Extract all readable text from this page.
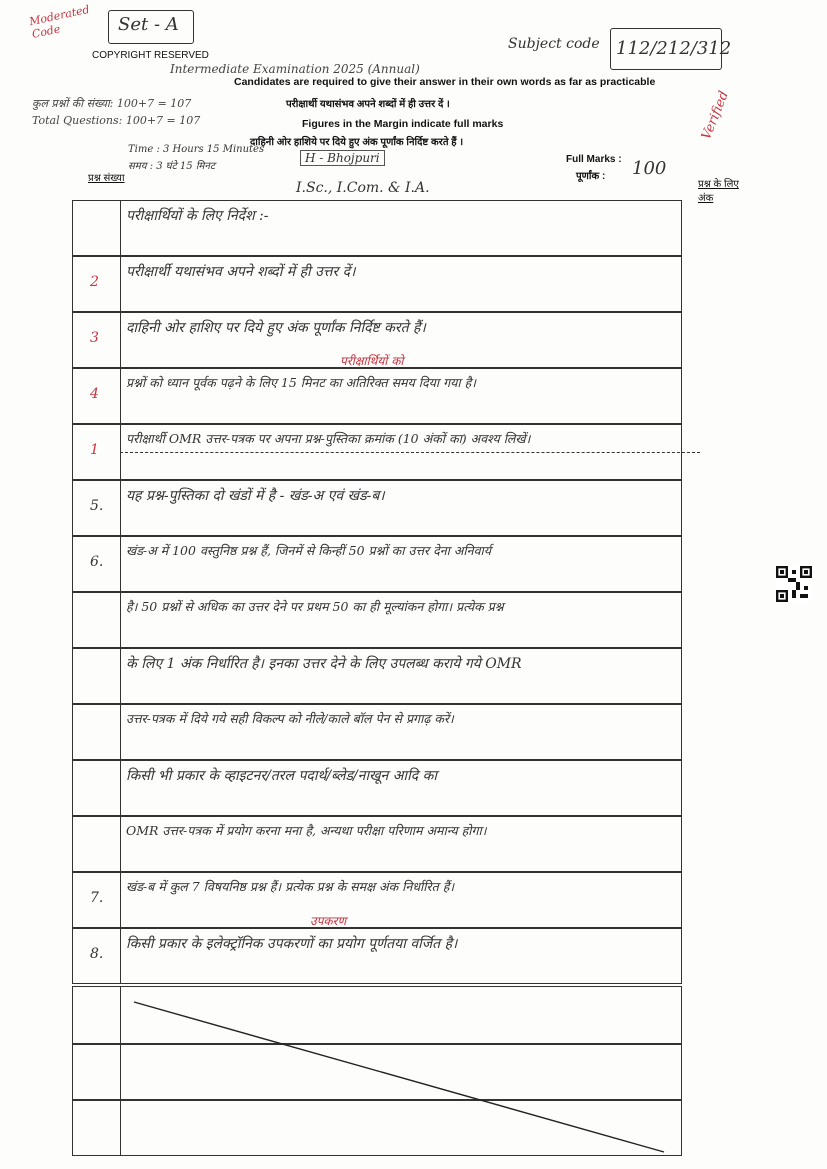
Moderated Code	Set - A
COPYRIGHT RESERVED
Subject code 112/212/312
Intermediate Examination 2025 (Annual)
कुल प्रश्नों की संख्या: 100+7 = 107
Total Questions: 100+7 = 107
Candidates are required to give their answer in their own words as far as practicable
परीक्षार्थी यथासंभव अपने शब्दों में ही उत्तर दें ।
Figures in the Margin indicate full marks
दाहिनी ओर हाशिये पर दिये हुए अंक पूर्णांक निर्दिष्ट करते हैं ।
Time : 3 Hours 15 Minutes
समय : 3 घंटे 15 मिनट
H - Bhojpuri	Full Marks :
पूर्णांक : 100
I.Sc., I.Com. & I.A.
प्रश्न संख्या
प्रश्न के लिए अंक
Verified
परीक्षार्थियों के लिए निर्देश :-
2
परीक्षार्थी यथासंभव अपने शब्दों में ही उत्तर दें।
3
दाहिनी ओर हाशिए पर दिये हुए अंक पूर्णांक निर्दिष्ट करते हैं।
4
प्रश्नों को ध्यान पूर्वक पढ़ने के लिए 15 मिनट का अतिरिक्त समय दिया गया है।
परीक्षार्थियों को
1
परीक्षार्थी OMR उत्तर-पत्रक पर अपना प्रश्न-पुस्तिका क्रमांक (10 अंकों का) अवश्य लिखें।
5.
यह प्रश्न-पुस्तिका दो खंडों में है - खंड-अ एवं खंड-ब।
6.
खंड-अ में 100 वस्तुनिष्ठ प्रश्न हैं, जिनमें से किन्हीं 50 प्रश्नों का उत्तर देना अनिवार्य
है। 50 प्रश्नों से अधिक का उत्तर देने पर प्रथम 50 का ही मूल्यांकन होगा। प्रत्येक प्रश्न
के लिए 1 अंक निर्धारित है। इनका उत्तर देने के लिए उपलब्ध कराये गये OMR
उत्तर-पत्रक में दिये गये सही विकल्प को नीले/काले बॉल पेन से प्रगाढ़ करें।
किसी भी प्रकार के व्हाइटनर/तरल पदार्थ/ब्लेड/नाखून आदि का
OMR उत्तर-पत्रक में प्रयोग करना मना है, अन्यथा परीक्षा परिणाम अमान्य होगा।
7.
खंड-ब में कुल 7 विषयनिष्ठ प्रश्न हैं। प्रत्येक प्रश्न के समक्ष अंक निर्धारित हैं।
8.
किसी प्रकार के इलेक्ट्रॉनिक उपकरणों का प्रयोग पूर्णतया वर्जित है।
उपकरण
